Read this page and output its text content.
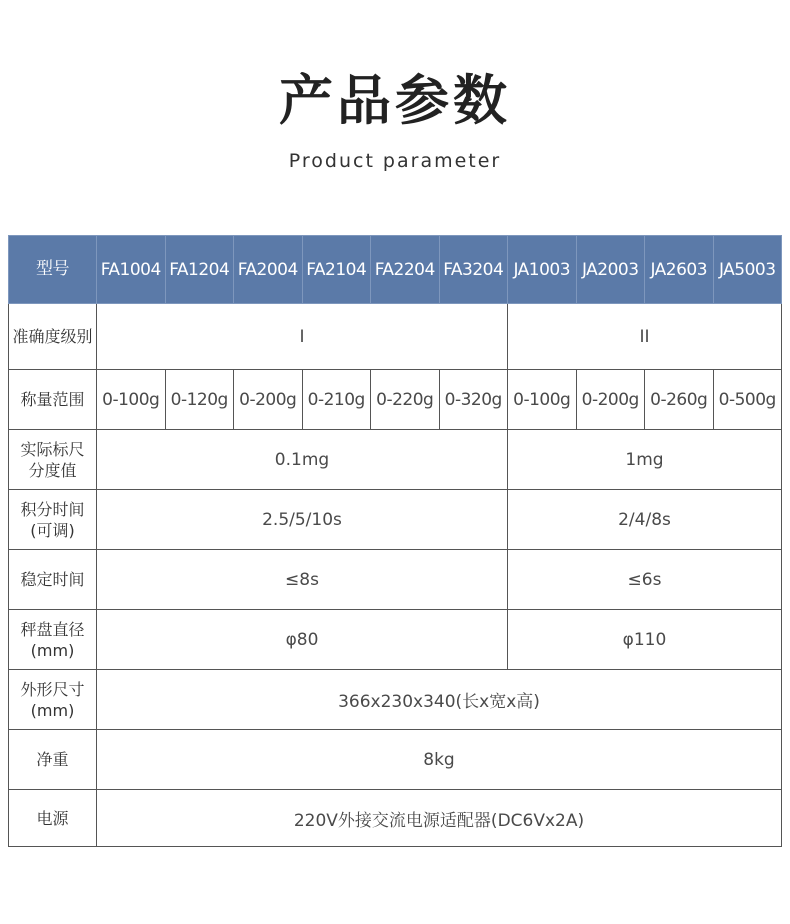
产品参数
Product parameter
型号	FA1004	FA1204	FA2004	FA2104	FA2204	FA3204	JA1003	JA2003	JA2603	JA5003
准确度级别	I						II			
称量范围	0-100g	0-120g	0-200g	0-210g	0-220g	0-320g	0-100g	0-200g	0-260g	0-500g

实际标尺
分度值	0.1mg						1mg			

积分时间
(可调)	2.5/5/10s						2/4/8s			
稳定时间	≤8s						≤6s			

秤盘直径
(mm)	φ80						φ110			

外形尺寸
(mm)	366x230x340(长x宽x高)									
净重	8kg									
电源	220V外接交流电源适配器(DC6Vx2A)									
